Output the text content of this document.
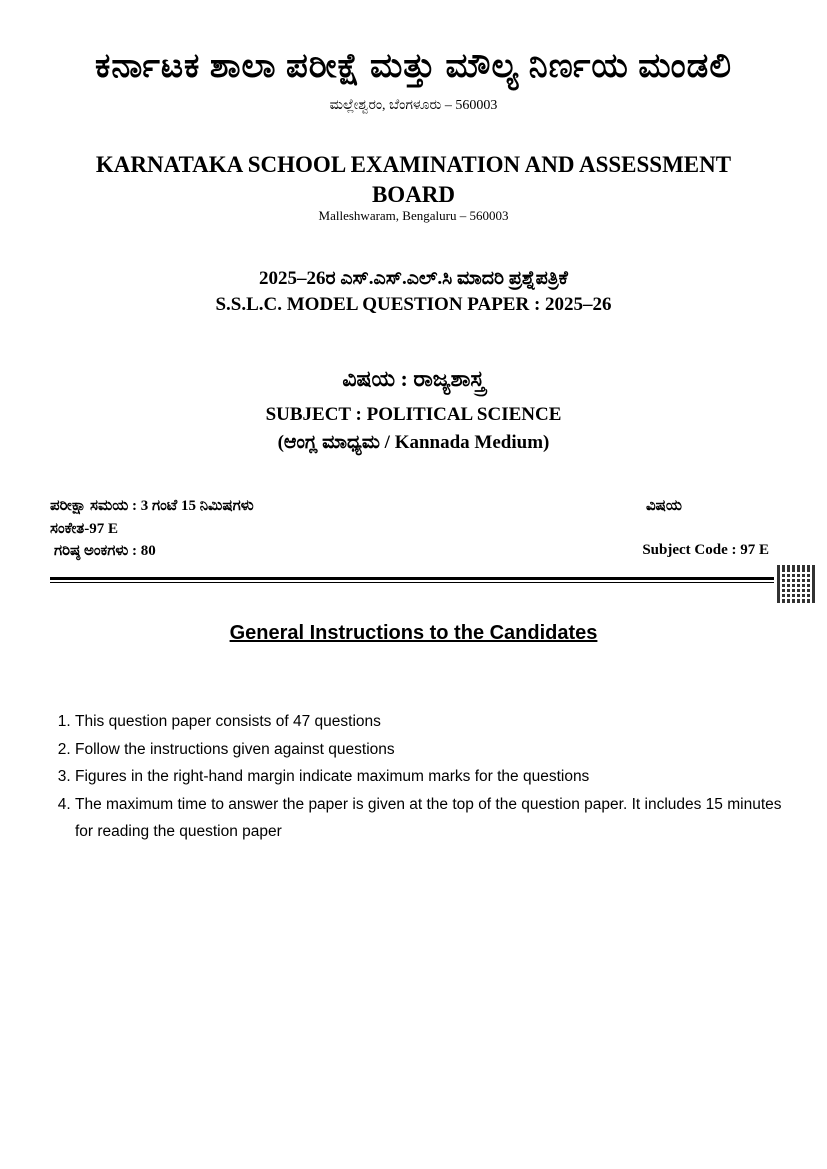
ಕರ್ನಾಟಕ ಶಾಲಾ ಪರೀಕ್ಷೆ ಮತ್ತು ಮೌಲ್ಯ ನಿರ್ಣಯ ಮಂಡಲಿ
ಮಲ್ಲೇಶ್ವರಂ, ಬೆಂಗಳೂರು – 560003
KARNATAKA SCHOOL EXAMINATION AND ASSESSMENT BOARD
Malleshwaram, Bengaluru – 560003
2025–26ರ ಎಸ್.ಎಸ್.ಎಲ್.ಸಿ ಮಾದರಿ ಪ್ರಶ್ನೆಪತ್ರಿಕೆ
S.S.L.C. MODEL QUESTION PAPER : 2025–26
ವಿಷಯ : ರಾಜ್ಯಶಾಸ್ತ್ರ
SUBJECT : POLITICAL SCIENCE
(ಆಂಗ್ಲ ಮಾಧ್ಯಮ / Kannada Medium)
ಪರೀಕ್ಷಾ ಸಮಯ : 3 ಗಂಟೆ 15 ನಿಮಿಷಗಳು	ವಿಷಯ
ಸಂಕೇತ-97 E
ಗರಿಷ್ಠ ಅಂಕಗಳು : 80	Subject Code : 97 E
General Instructions to the Candidates
1. This question paper consists of 47 questions
2. Follow the instructions given against questions
3. Figures in the right-hand margin indicate maximum marks for the questions
4. The maximum time to answer the paper is given at the top of the question paper. It includes 15 minutes for reading the question paper
